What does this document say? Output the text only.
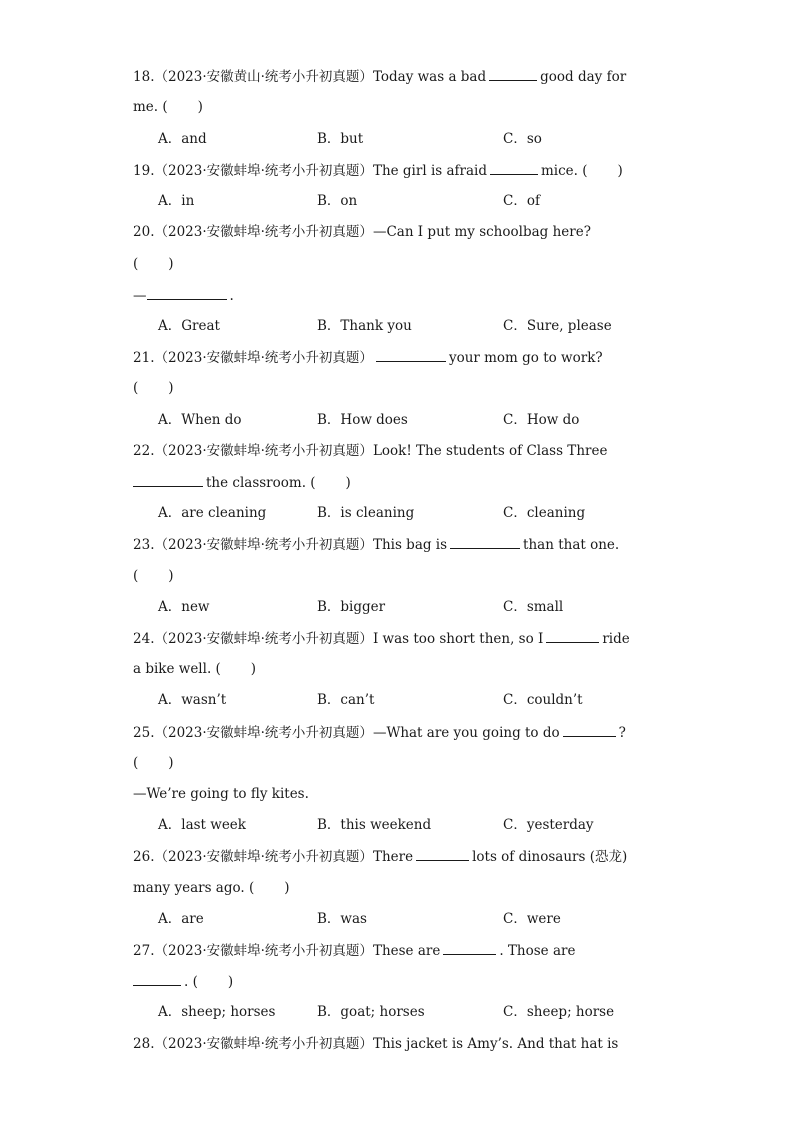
18.（2023·安徽黄山·统考小升初真题）Today was a bad	good day for
me. ( )
A．and	B．but	C．so
19.（2023·安徽蚌埠·统考小升初真题）The girl is afraid	mice. ( )
A．in	B．on	C．of
20.（2023·安徽蚌埠·统考小升初真题）—Can I put my schoolbag here?
( )
—	.
A．Great	B．Thank you	C．Sure, please
21.（2023·安徽蚌埠·统考小升初真题）	your mom go to work?
( )
A．When do	B．How does	C．How do
22.（2023·安徽蚌埠·统考小升初真题）Look! The students of Class Three
the classroom. ( )
A．are cleaning	B．is cleaning	C．cleaning
23.（2023·安徽蚌埠·统考小升初真题）This bag is	than that one.
( )
A．new	B．bigger	C．small
24.（2023·安徽蚌埠·统考小升初真题）I was too short then, so I	ride
a bike well. ( )
A．wasn’t	B．can’t	C．couldn’t
25.（2023·安徽蚌埠·统考小升初真题）—What are you going to do	?
( )
—We’re going to fly kites.
A．last week	B．this weekend	C．yesterday
26.（2023·安徽蚌埠·统考小升初真题）There	lots of dinosaurs (恐龙)
many years ago. ( )
A．are	B．was	C．were
27.（2023·安徽蚌埠·统考小升初真题）These are	. Those are
. ( )
A．sheep; horses	B．goat; horses	C．sheep; horse
28.（2023·安徽蚌埠·统考小升初真题）This jacket is Amy’s. And that hat is
